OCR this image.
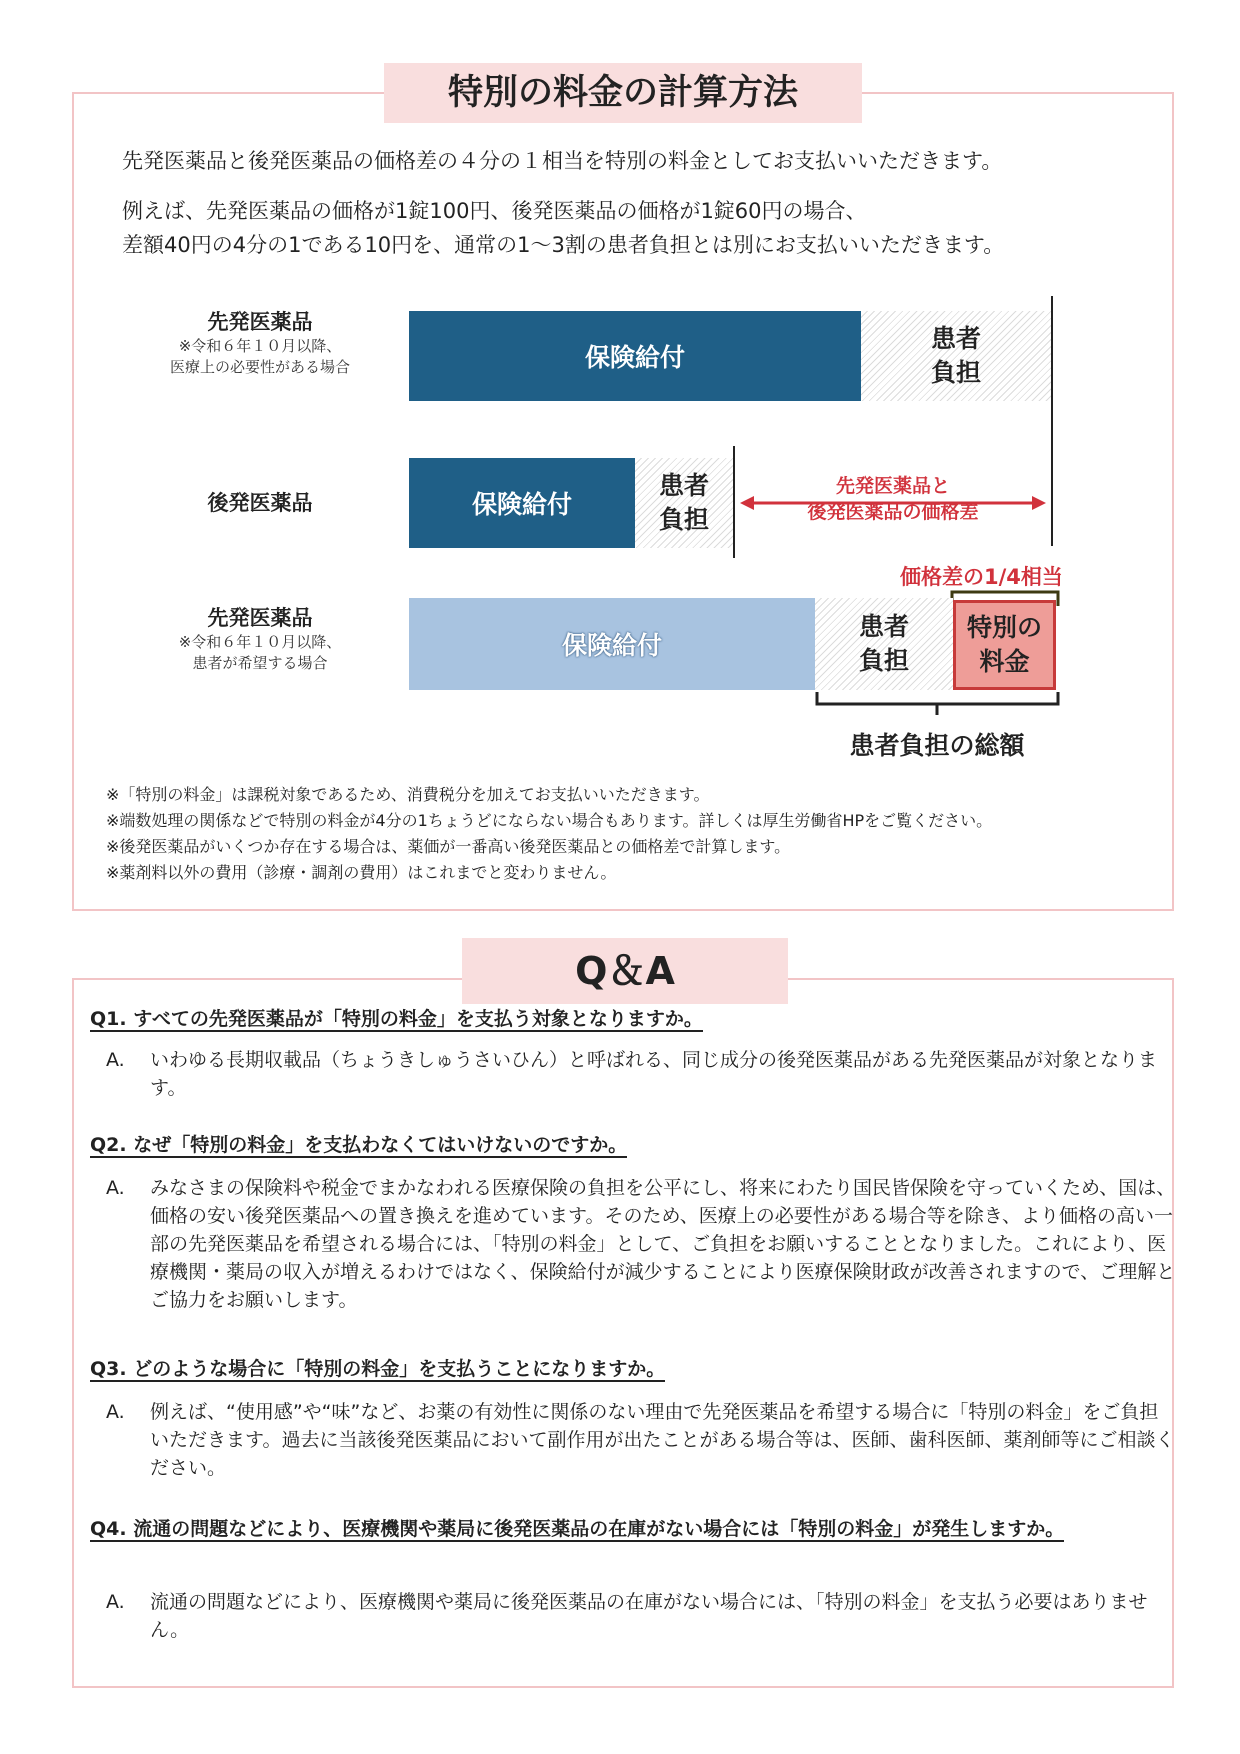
特別の料金の計算方法
先発医薬品と後発医薬品の価格差の４分の１相当を特別の料金としてお支払いいただきます。
例えば、先発医薬品の価格が1錠100円、後発医薬品の価格が1錠60円の場合、
差額40円の4分の1である10円を、通常の1～3割の患者負担とは別にお支払いいただきます。
先発医薬品
※令和６年１０月以降、
医療上の必要性がある場合	保険給付
患者
負担
後発医薬品	保険給付
患者
負担
先発医薬品と
後発医薬品の価格差
先発医薬品
※令和６年１０月以降、
患者が希望する場合
価格差の1/4相当
保険給付
患者
負担
特別の
料金
患者負担の総額
※「特別の料金」は課税対象であるため、消費税分を加えてお支払いいただきます。
※端数処理の関係などで特別の料金が4分の1ちょうどにならない場合もあります。詳しくは厚生労働省HPをご覧ください。
※後発医薬品がいくつか存在する場合は、薬価が一番高い後発医薬品との価格差で計算します。
※薬剤料以外の費用（診療・調剤の費用）はこれまでと変わりません。
Q＆A
Q1. すべての先発医薬品が「特別の料金」を支払う対象となりますか。
A.	いわゆる長期収載品（ちょうきしゅうさいひん）と呼ばれる、同じ成分の後発医薬品がある先発医薬品が対象となります。
Q2. なぜ「特別の料金」を支払わなくてはいけないのですか。
A.	みなさまの保険料や税金でまかなわれる医療保険の負担を公平にし、将来にわたり国民皆保険を守っていくため、国は、価格の安い後発医薬品への置き換えを進めています。そのため、医療上の必要性がある場合等を除き、より価格の高い一部の先発医薬品を希望される場合には、「特別の料金」として、ご負担をお願いすることとなりました。これにより、医療機関・薬局の収入が増えるわけではなく、保険給付が減少することにより医療保険財政が改善されますので、ご理解とご協力をお願いします。
Q3. どのような場合に「特別の料金」を支払うことになりますか。
A.	例えば、“使用感”や“味”など、お薬の有効性に関係のない理由で先発医薬品を希望する場合に「特別の料金」をご負担いただきます。過去に当該後発医薬品において副作用が出たことがある場合等は、医師、歯科医師、薬剤師等にご相談ください。
Q4. 流通の問題などにより、医療機関や薬局に後発医薬品の在庫がない場合には「特別の料金」が発生しますか。
A.	流通の問題などにより、医療機関や薬局に後発医薬品の在庫がない場合には、「特別の料金」を支払う必要はありません。
